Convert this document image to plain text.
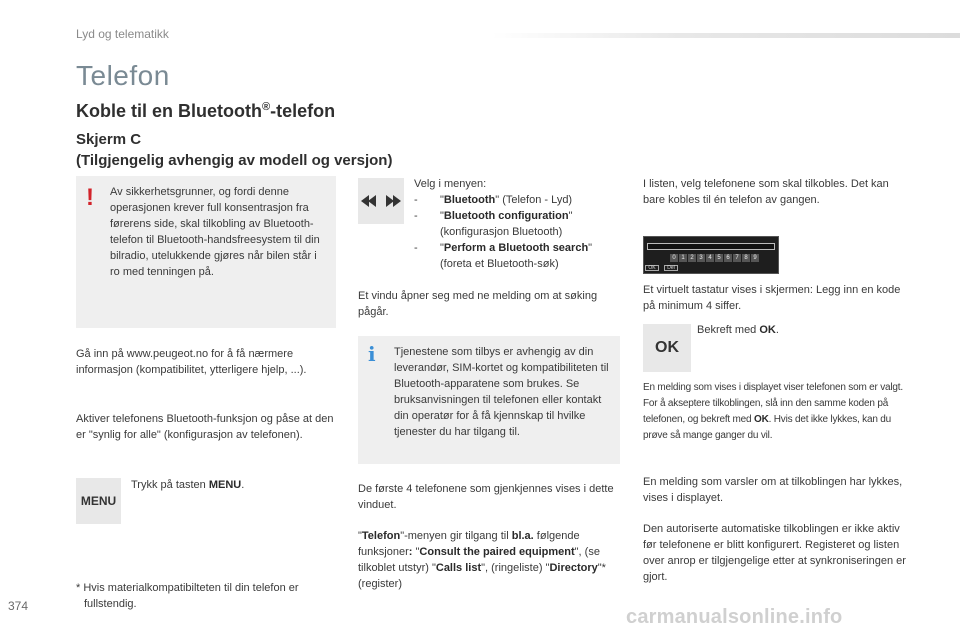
Lyd og telematikk
Telefon
Koble til en Bluetooth®-telefon
Skjerm C
(Tilgjengelig avhengig av modell og versjon)
! Av sikkerhetsgrunner, og fordi denne operasjonen krever full konsentrasjon fra førerens side, skal tilkobling av Bluetooth-telefon til Bluetooth-handsfreesystem til din bilradio, utelukkende gjøres når bilen står i ro med tenningen på.
Gå inn på www.peugeot.no for å få nærmere informasjon (kompatibilitet, ytterligere hjelp, ...).
Aktiver telefonens Bluetooth-funksjon og påse at den er "synlig for alle" (konfigurasjon av telefonen).
MENU
Trykk på tasten MENU.
* Hvis materialkompatibilteten til din telefon er fullstendig.
Velg i menyen:
-	"Bluetooth" (Telefon - Lyd)
-	"Bluetooth configuration"
(konfigurasjon Bluetooth)
-	"Perform a Bluetooth search"
(foreta et Bluetooth-søk)
Et vindu åpner seg med ne melding om at søking pågår.
i Tjenestene som tilbys er avhengig av din leverandør, SIM-kortet og kompatibiliteten til Bluetooth-apparatene som brukes. Se bruksanvisningen til telefonen eller kontakt din operatør for å få kjennskap til hvilke tjenester du har tilgang til.
De første 4 telefonene som gjenkjennes vises i dette vinduet.
"Telefon"-menyen gir tilgang til bl.a. følgende funksjoner: "Consult the paired equipment", (se tilkoblet utstyr) "Calls list", (ringeliste) "Directory"* (register)
I listen, velg telefonene som skal tilkobles. Det kan bare kobles til én telefon av gangen.
0 1 2 3 4 5 6 7 8 9
OK	Del
Et virtuelt tastatur vises i skjermen: Legg inn en kode på minimum 4 siffer.
OK
Bekreft med OK.
En melding som vises i displayet viser telefonen som er valgt. For å akseptere tilkoblingen, slå inn den samme koden på telefonen, og bekreft med OK. Hvis det ikke lykkes, kan du prøve så mange ganger du vil.
En melding som varsler om at tilkoblingen har lykkes, vises i displayet.
Den autoriserte automatiske tilkoblingen er ikke aktiv før telefonene er blitt konfigurert. Registeret og listen over anrop er tilgjengelige etter at synkroniseringen er gjort.
374	carmanualsonline.info
